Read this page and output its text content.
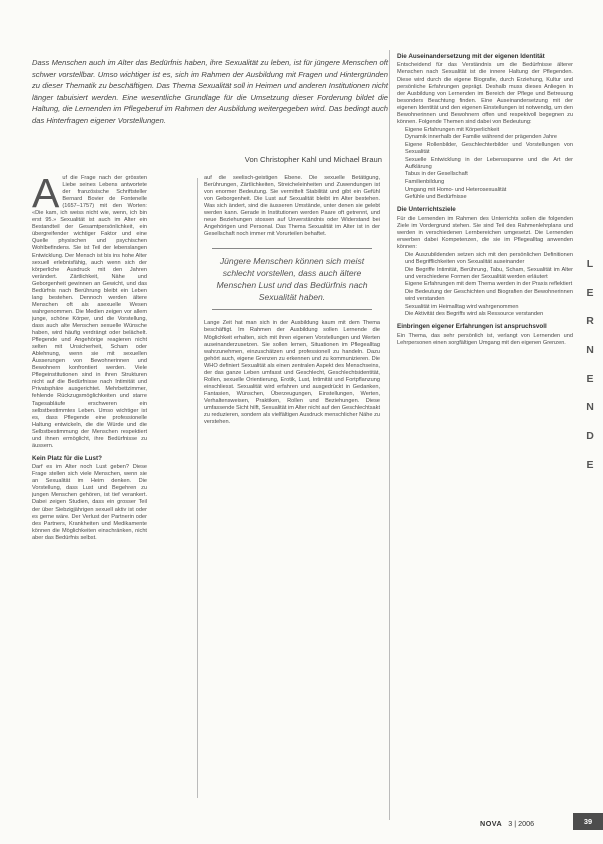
Dass Menschen auch im Alter das Bedürfnis haben, ihre Sexualität zu leben, ist für jüngere Menschen oft schwer vorstellbar. Umso wichtiger ist es, sich im Rahmen der Ausbildung mit Fragen und Hintergründen zu dieser Thematik zu beschäftigen. Das Thema Sexualität soll in Heimen und anderen Institutionen nicht länger tabuisiert werden. Eine wesentliche Grundlage für die Umsetzung dieser Forderung bildet die Haltung, die Lernenden im Pflegeberuf im Rahmen der Ausbildung weitergegeben wird. Das bedingt auch das Hinterfragen eigener Vorstellungen.
Von Christopher Kahl und Michael Braun

Auf die Frage nach der grössten Liebe seines Lebens antwortete der französische Schriftsteller Bernard Bovier de Fontenelle (1657–1757) mit den Worten: «Die kam, ich weiss nicht wie, wenn, ich bin erst 95.» Sexualität ist auch im Alter ein Bestandteil der Gesamtpersönlichkeit, ein übergreifender wichtiger Faktor und eine Quelle physischen und psychischen Wohlbefindens. Sie ist Teil der lebenslangen Entwicklung. Der Mensch ist bis ins hohe Alter sexuell erlebnisfähig, auch wenn sich der körperliche Ausdruck mit den Jahren verändert. Zärtlichkeit, Nähe und Geborgenheit gewinnen an Gewicht, und das Bedürfnis nach Berührung bleibt ein Leben lang bestehen. Dennoch werden ältere Menschen oft als asexuelle Wesen wahrgenommen. Die Medien zeigen vor allem junge, schöne Körper, und die Vorstellung, dass auch alte Menschen sexuelle Wünsche haben, wird häufig verdrängt oder belächelt. Pflegende und Angehörige reagieren nicht selten mit Unsicherheit, Scham oder Ablehnung, wenn sie mit sexuellen Äusserungen von Bewohnerinnen und Bewohnern konfrontiert werden. Viele Pflegeinstitutionen sind in ihren Strukturen nicht auf die Bedürfnisse nach Intimität und Privatsphäre ausgerichtet. Mehrbettzimmer, fehlende Rückzugsmöglichkeiten und starre Tagesabläufe erschweren ein selbstbestimmtes Leben. Umso wichtiger ist es, dass Pflegende eine professionelle Haltung entwickeln, die die Würde und die Selbstbestimmung der Menschen respektiert und ihnen ermöglicht, ihre Bedürfnisse zu äussern.

Kein Platz für die Lust?

Darf es im Alter noch Lust geben? Diese Frage stellen sich viele Menschen, wenn sie an Sexualität im Heim denken. Die Vorstellung, dass Lust und Begehren zu jungen Menschen gehören, ist tief verankert. Dabei zeigen Studien, dass ein grosser Teil der über Siebzigjährigen sexuell aktiv ist oder es gerne wäre. Der Verlust der Partnerin oder des Partners, Krankheiten und Medikamente können die Möglichkeiten einschränken, nicht aber das Bedürfnis selbst.

auf die seelisch-geistigen Ebene. Die sexuelle Betätigung, Berührungen, Zärtlichkeiten, Streicheleinheiten und Zuwendungen ist von enormer Bedeutung. Sie vermittelt Stabilität und gibt ein Gefühl von Geborgenheit. Die Lust auf Sexualität bleibt im Alter bestehen. Was sich ändert, sind die äusseren Umstände, unter denen sie gelebt werden kann. Gerade in Institutionen werden Paare oft getrennt, und neue Beziehungen stossen auf Unverständnis oder Widerstand bei Angehörigen und Personal. Das Thema Sexualität im Alter ist in der Gesellschaft noch immer mit Vorurteilen behaftet.

Jüngere Menschen können sich meist schlecht vorstellen, dass auch ältere Menschen Lust und das Bedürfnis nach Sexualität haben.

Lange Zeit hat man sich in der Ausbildung kaum mit dem Thema beschäftigt. Im Rahmen der Ausbildung sollen Lernende die Möglichkeit erhalten, sich mit ihren eigenen Vorstellungen und Werten auseinanderzusetzen. Sie sollen lernen, Situationen im Pflegealltag wahrzunehmen, einzuschätzen und professionell zu handeln. Dazu gehört auch, eigene Grenzen zu erkennen und zu kommunizieren. Die WHO definiert Sexualität als einen zentralen Aspekt des Menschseins, der das ganze Leben umfasst und Geschlecht, Geschlechtsidentität, Rollen, sexuelle Orientierung, Erotik, Lust, Intimität und Fortpflanzung einschliesst. Sexualität wird erfahren und ausgedrückt in Gedanken, Fantasien, Wünschen, Überzeugungen, Einstellungen, Werten, Verhaltensweisen, Praktiken, Rollen und Beziehungen. Diese umfassende Sicht hilft, Sexualität im Alter nicht auf den Geschlechtsakt zu reduzieren, sondern als vielfältigen Ausdruck menschlicher Nähe zu verstehen.

Die Auseinandersetzung mit der eigenen Identität

Entscheidend für das Verständnis um die Bedürfnisse älterer Menschen nach Sexualität ist die innere Haltung der Pflegenden. Diese wird durch die eigene Biografie, durch Erziehung, Kultur und persönliche Erfahrungen geprägt. Deshalb muss dieses Anliegen in der Ausbildung von Lernenden im Bereich der Pflege und Betreuung besonders Beachtung finden. Eine Auseinandersetzung mit der eigenen Identität und den eigenen Einstellungen ist notwendig, um den Bewohnerinnen und Bewohnern offen und respektvoll begegnen zu können. Folgende Themen sind dabei von Bedeutung:

• Eigene Erfahrungen mit Körperlichkeit
• Dynamik innerhalb der Familie während der prägenden Jahre
• Eigene Rollenbilder, Geschlechterbilder und Vorstellungen von Sexualität
• Sexuelle Entwicklung in der Lebensspanne und die Art der Aufklärung
• Tabus in der Gesellschaft
• Familienbildung
• Umgang mit Homo- und Heterosexualität
• Gefühle und Bedürfnisse
Die Unterrichtsziele

Für die Lernenden im Rahmen des Unterrichts sollen die folgenden Ziele im Vordergrund stehen. Sie sind Teil des Rahmenlehrplans und werden in verschiedenen Lernbereichen umgesetzt. Die Lernenden erwerben dabei Kompetenzen, die sie im Pflegealltag anwenden können:

• Die Auszubildenden setzen sich mit den persönlichen Definitionen und Begrifflichkeiten von Sexualität auseinander
• Die Begriffe Intimität, Berührung, Tabu, Scham, Sexualität im Alter und verschiedene Formen der Sexualität werden erläutert
• Eigene Erfahrungen mit dem Thema werden in der Praxis reflektiert
• Die Bedeutung der Geschichten und Biografien der Bewohnerinnen wird verstanden
• Sexualität im Heimalltag wird wahrgenommen
• Die Aktivität des Begriffs wird als Ressource verstanden
Einbringen eigener Erfahrungen ist anspruchsvoll

Ein Thema, das sehr persönlich ist, verlangt von Lernenden und Lehrpersonen einen sorgfältigen Umgang mit den eigenen Grenzen.

L
E
R
N
E
N
D
E
NOVA 3 | 2006	39
